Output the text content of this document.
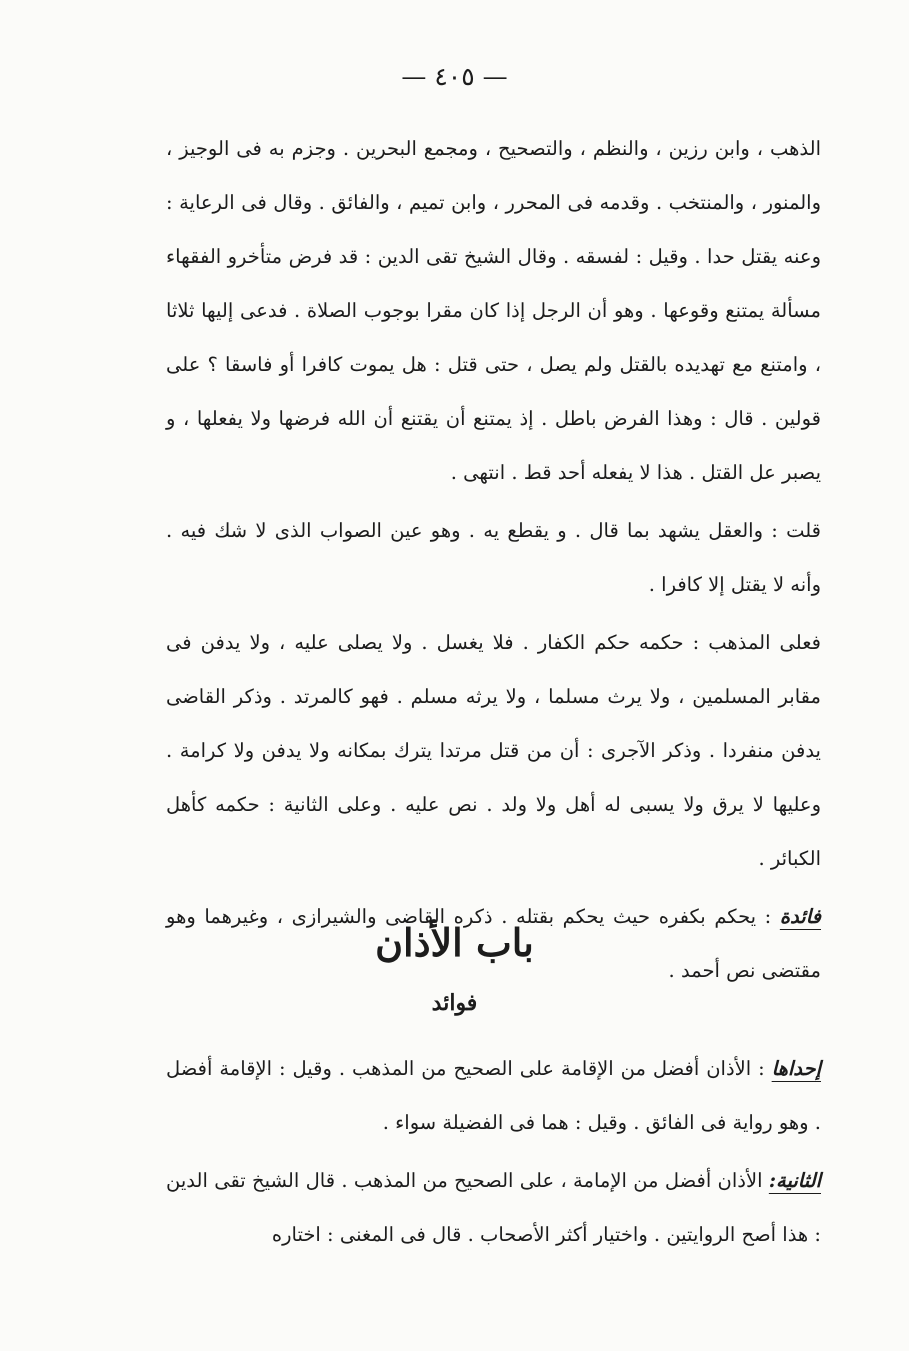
— ٤٠٥ —

الذهب ، وابن رزين ، والنظم ، والتصحيح ، ومجمع البحرين . وجزم به فى الوجيز ، والمنور ، والمنتخب . وقدمه فى المحرر ، وابن تميم ، والفائق . وقال فى الرعاية : وعنه يقتل حدا . وقيل : لفسقه . وقال الشيخ تقى الدين : قد فرض متأخرو الفقهاء مسألة يمتنع وقوعها . وهو أن الرجل إذا كان مقرا بوجوب الصلاة . فدعى إليها ثلاثا ، وامتنع مع تهديده بالقتل ولم يصل ، حتى قتل : هل يموت كافرا أو فاسقا ؟ على قولين . قال : وهذا الفرض باطل . إذ يمتنع أن يقتنع أن الله فرضها ولا يفعلها ، و يصبر عل القتل . هذا لا يفعله أحد قط . انتهى .

قلت : والعقل يشهد بما قال . و يقطع يه . وهو عين الصواب الذى لا شك فيه . وأنه لا يقتل إلا كافرا .

فعلى المذهب : حكمه حكم الكفار . فلا يغسل . ولا يصلى عليه ، ولا يدفن فى مقابر المسلمين ، ولا يرث مسلما ، ولا يرثه مسلم . فهو كالمرتد . وذكر القاضى يدفن منفردا . وذكر الآجرى : أن من قتل مرتدا يترك بمكانه ولا يدفن ولا كرامة . وعليها لا يرق ولا يسبى له أهل ولا ولد . نص عليه . وعلى الثانية : حكمه كأهل الكبائر .

فائدة : يحكم بكفره حيث يحكم بقتله . ذكره القاضى والشيرازى ، وغيرهما وهو مقتضى نص أحمد .

باب الأذان
فوائد

إحداها : الأذان أفضل من الإقامة على الصحيح من المذهب . وقيل : الإقامة أفضل . وهو رواية فى الفائق . وقيل : هما فى الفضيلة سواء .

الثانية: الأذان أفضل من الإمامة ، على الصحيح من المذهب . قال الشيخ تقى الدين : هذا أصح الروايتين . واختيار أكثر الأصحاب . قال فى المغنى : اختاره
